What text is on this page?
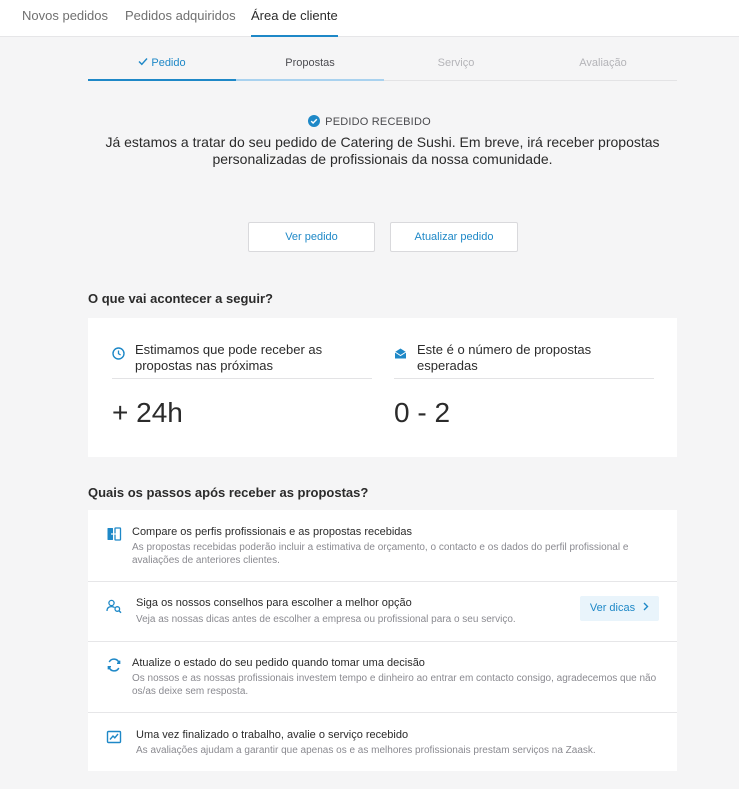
Novos pedidos Pedidos adquiridos Área de cliente
Pedido	Propostas	Serviço	Avaliação
PEDIDO RECEBIDO
Já estamos a tratar do seu pedido de Catering de Sushi. Em breve, irá receber propostas personalizadas de profissionais da nossa comunidade.
Ver pedido	Atualizar pedido
O que vai acontecer a seguir?
Estimamos que pode receber as propostas nas próximas
+ 24h
Este é o número de propostas esperadas
0 - 2
Quais os passos após receber as propostas?
Compare os perfis profissionais e as propostas recebidas
As propostas recebidas poderão incluir a estimativa de orçamento, o contacto e os dados do perfil profissional e avaliações de anteriores clientes.
Siga os nossos conselhos para escolher a melhor opção
Veja as nossas dicas antes de escolher a empresa ou profissional para o seu serviço.
Ver dicas
Atualize o estado do seu pedido quando tomar uma decisão
Os nossos e as nossas profissionais investem tempo e dinheiro ao entrar em contacto consigo, agradecemos que não os/as deixe sem resposta.
Uma vez finalizado o trabalho, avalie o serviço recebido
As avaliações ajudam a garantir que apenas os e as melhores profissionais prestam serviços na Zaask.
